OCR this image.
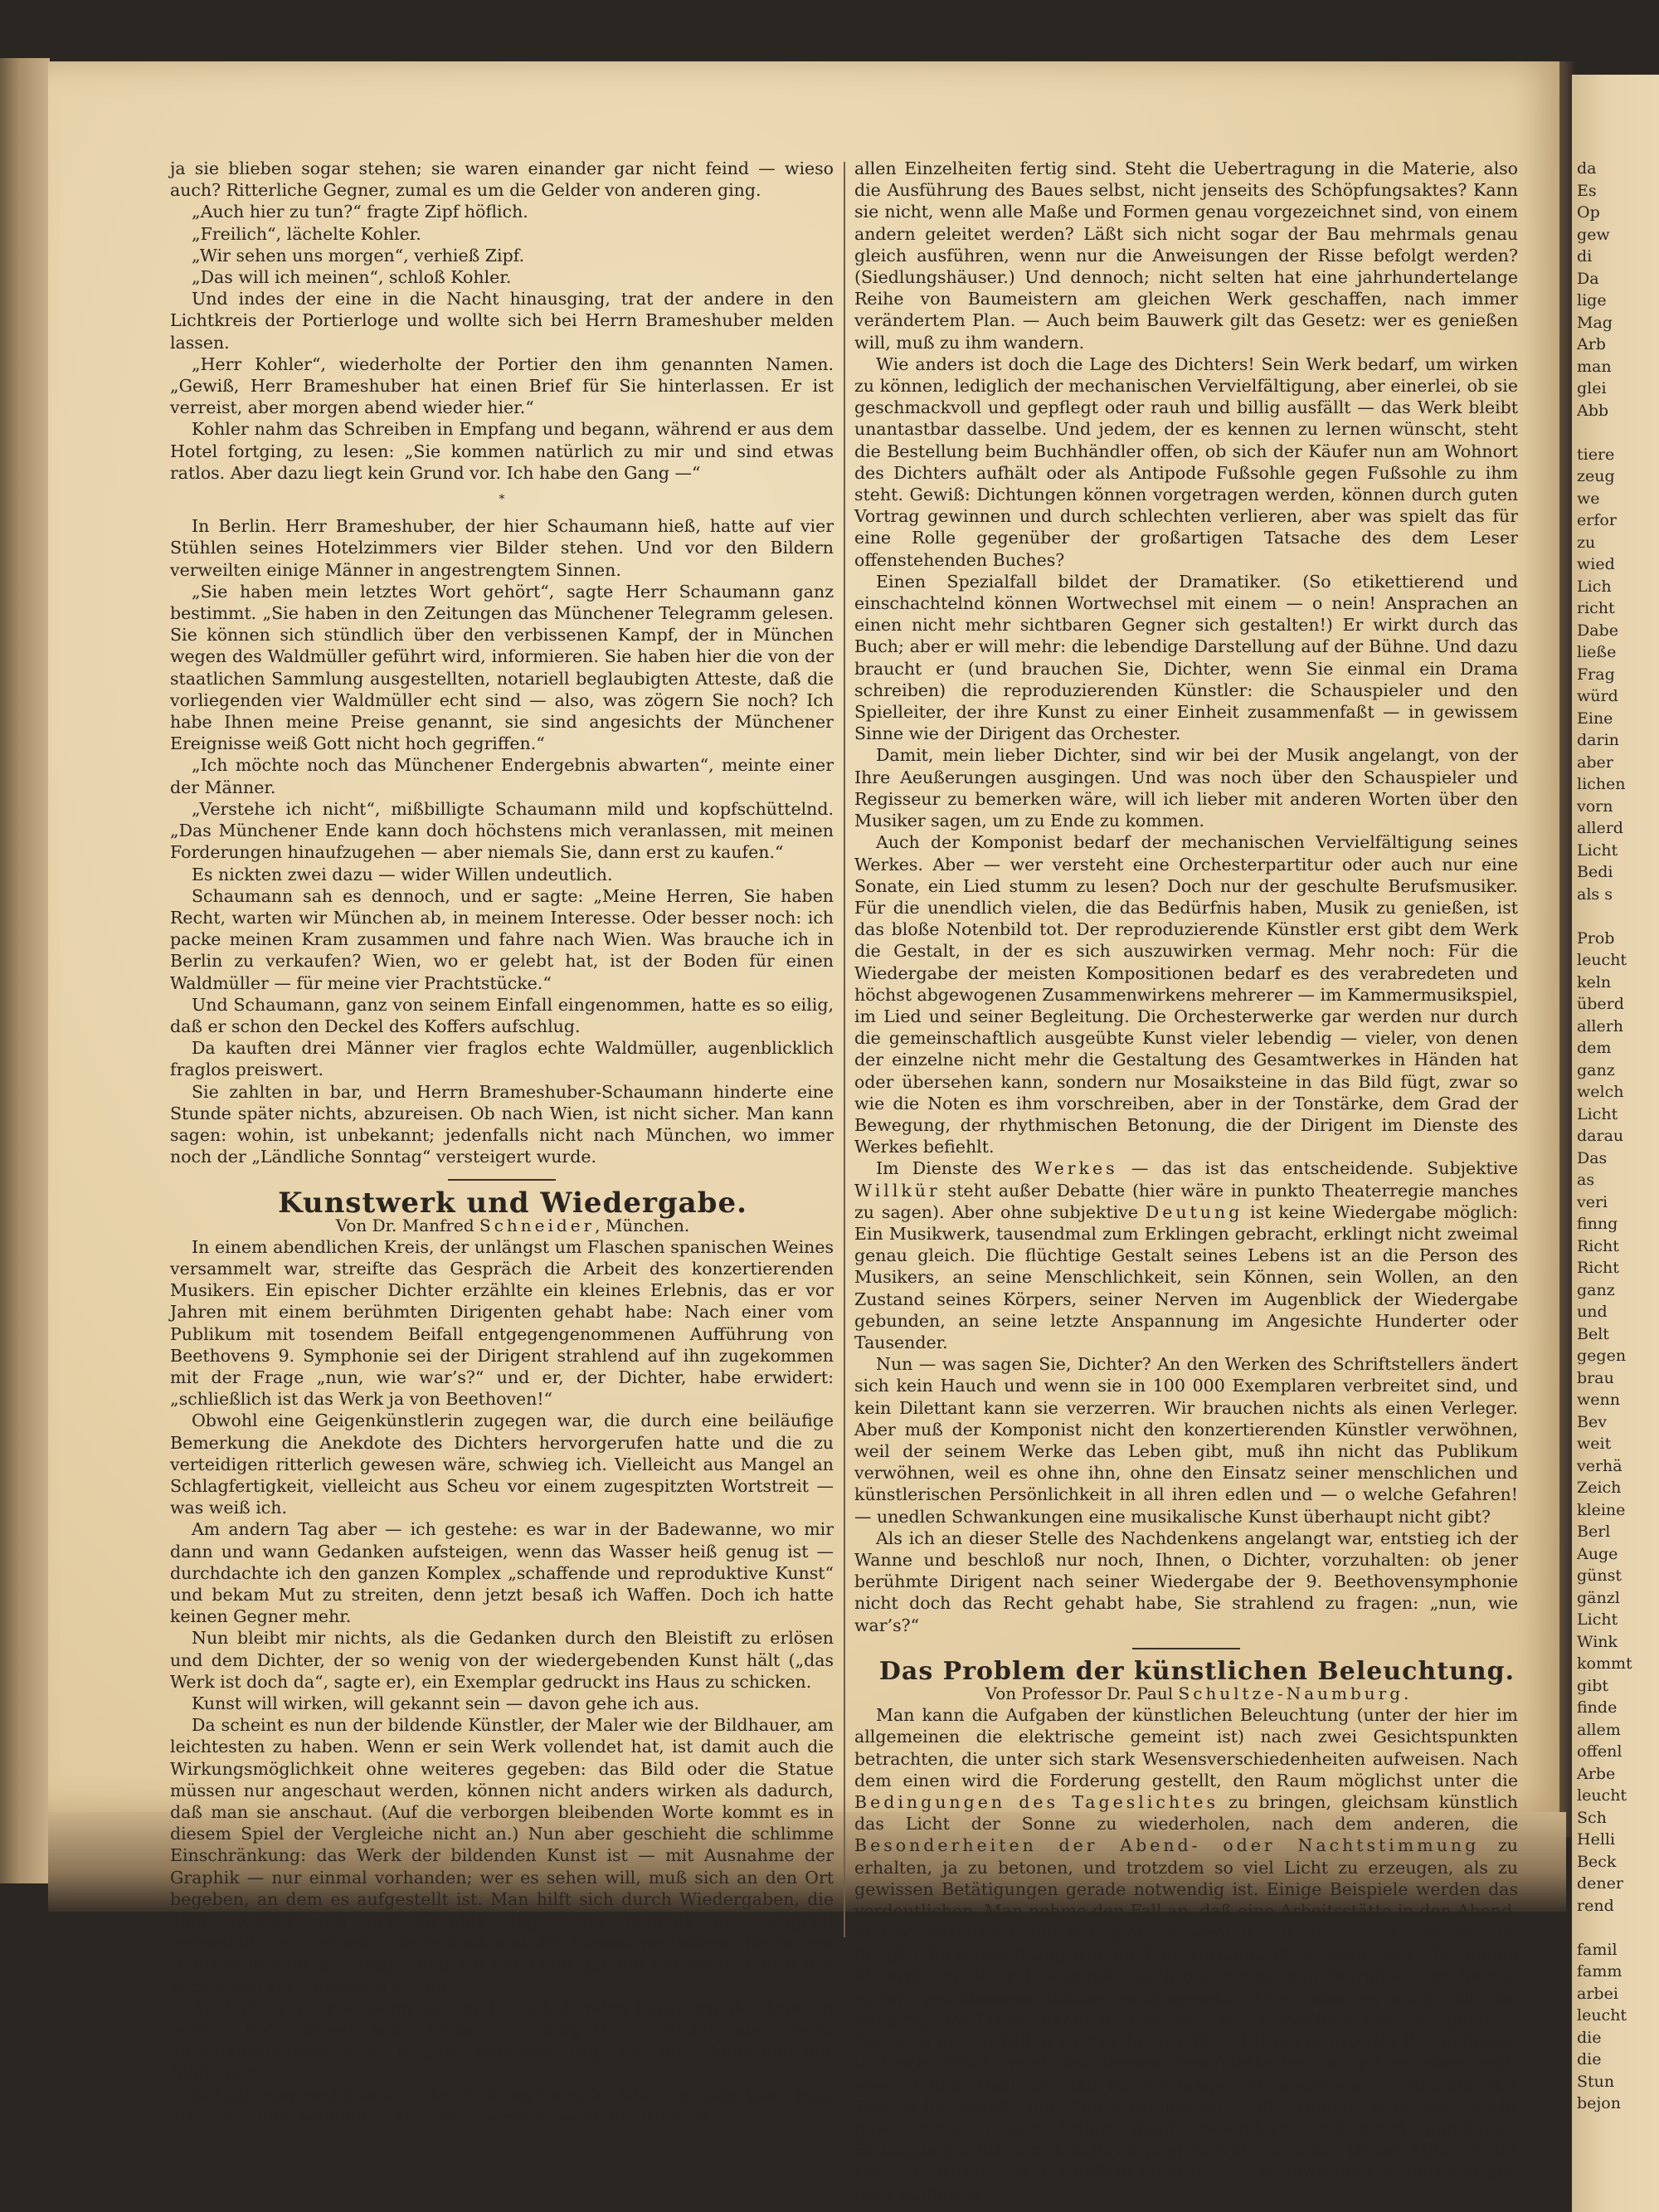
da
Es
Op
gew
di
Da
lige
Mag
Arb
man
glei
Abb
tiere
zeug
we
erfor
zu
wied
Lich
richt
Dabe
ließe
Frag
würd
Eine
darin
aber
lichen
vorn
allerd
Licht
Bedi
als s
Prob
leucht
keln
überd
allerh
dem
ganz
welch
Licht
darau
Das
as
veri
finng
Richt
Richt
ganz
und
Belt
gegen
brau
wenn
Bev
weit
verhä
Zeich
kleine
Berl
Auge
günst
gänzl
Licht
Wink
kommt
gibt
finde
allem
offenl
Arbe
leucht
Sch
Helli
Beck
dener
rend
famil
famm
arbei
leucht
die
die
Stun
bejon

ja sie blieben sogar stehen; sie waren einander gar nicht feind — wieso auch? Ritterliche Gegner, zumal es um die Gelder von anderen ging.

„Auch hier zu tun?“ fragte Zipf höflich.

„Freilich“, lächelte Kohler.

„Wir sehen uns morgen“, verhieß Zipf.

„Das will ich meinen“, schloß Kohler.

Und indes der eine in die Nacht hinausging, trat der andere in den Lichtkreis der Portierloge und wollte sich bei Herrn Brameshuber melden lassen.

„Herr Kohler“, wiederholte der Portier den ihm genannten Namen. „Gewiß, Herr Brameshuber hat einen Brief für Sie hinterlassen. Er ist verreist, aber morgen abend wieder hier.“

Kohler nahm das Schreiben in Empfang und begann, während er aus dem Hotel fortging, zu lesen: „Sie kommen natürlich zu mir und sind etwas ratlos. Aber dazu liegt kein Grund vor. Ich habe den Gang —“

*

In Berlin. Herr Brameshuber, der hier Schaumann hieß, hatte auf vier Stühlen seines Hotelzimmers vier Bilder stehen. Und vor den Bildern verweilten einige Männer in angestrengtem Sinnen.

„Sie haben mein letztes Wort gehört“, sagte Herr Schaumann ganz bestimmt. „Sie haben in den Zeitungen das Münchener Telegramm gelesen. Sie können sich stündlich über den verbissenen Kampf, der in München wegen des Waldmüller geführt wird, informieren. Sie haben hier die von der staatlichen Sammlung ausgestellten, notariell beglaubigten Atteste, daß die vorliegenden vier Waldmüller echt sind — also, was zögern Sie noch? Ich habe Ihnen meine Preise genannt, sie sind angesichts der Münchener Ereignisse weiß Gott nicht hoch gegriffen.“

„Ich möchte noch das Münchener Endergebnis abwarten“, meinte einer der Männer.

„Verstehe ich nicht“, mißbilligte Schaumann mild und kopfschüttelnd. „Das Münchener Ende kann doch höchstens mich veranlassen, mit meinen Forderungen hinaufzugehen — aber niemals Sie, dann erst zu kaufen.“

Es nickten zwei dazu — wider Willen undeutlich.

Schaumann sah es dennoch, und er sagte: „Meine Herren, Sie haben Recht, warten wir München ab, in meinem Interesse. Oder besser noch: ich packe meinen Kram zusammen und fahre nach Wien. Was brauche ich in Berlin zu verkaufen? Wien, wo er gelebt hat, ist der Boden für einen Waldmüller — für meine vier Prachtstücke.“

Und Schaumann, ganz von seinem Einfall eingenommen, hatte es so eilig, daß er schon den Deckel des Koffers aufschlug.

Da kauften drei Männer vier fraglos echte Waldmüller, augenblicklich fraglos preiswert.

Sie zahlten in bar, und Herrn Brameshuber-Schaumann hinderte eine Stunde später nichts, abzureisen. Ob nach Wien, ist nicht sicher. Man kann sagen: wohin, ist unbekannt; jedenfalls nicht nach München, wo immer noch der „Ländliche Sonntag“ versteigert wurde.

Kunstwerk und Wiedergabe.

Von Dr. Manfred Schneider, München.

In einem abendlichen Kreis, der unlängst um Flaschen spanischen Weines versammelt war, streifte das Gespräch die Arbeit des konzertierenden Musikers. Ein epischer Dichter erzählte ein kleines Erlebnis, das er vor Jahren mit einem berühmten Dirigenten gehabt habe: Nach einer vom Publikum mit tosendem Beifall entgegengenommenen Aufführung von Beethovens 9. Symphonie sei der Dirigent strahlend auf ihn zugekommen mit der Frage „nun, wie war’s?“ und er, der Dichter, habe erwidert: „schließlich ist das Werk ja von Beethoven!“

Obwohl eine Geigenkünstlerin zugegen war, die durch eine beiläufige Bemerkung die Anekdote des Dichters hervorgerufen hatte und die zu verteidigen ritterlich gewesen wäre, schwieg ich. Vielleicht aus Mangel an Schlagfertigkeit, vielleicht aus Scheu vor einem zugespitzten Wortstreit — was weiß ich.

Am andern Tag aber — ich gestehe: es war in der Badewanne, wo mir dann und wann Gedanken aufsteigen, wenn das Wasser heiß genug ist — durchdachte ich den ganzen Komplex „schaffende und reproduktive Kunst“ und bekam Mut zu streiten, denn jetzt besaß ich Waffen. Doch ich hatte keinen Gegner mehr.

Nun bleibt mir nichts, als die Gedanken durch den Bleistift zu erlösen und dem Dichter, der so wenig von der wiedergebenden Kunst hält („das Werk ist doch da“, sagte er), ein Exemplar gedruckt ins Haus zu schicken.

Kunst will wirken, will gekannt sein — davon gehe ich aus.

Da scheint es nun der bildende Künstler, der Maler wie der Bildhauer, am leichtesten zu haben. Wenn er sein Werk vollendet hat, ist damit auch die Wirkungsmöglichkeit ohne weiteres gegeben: das Bild oder die Statue müssen nur angeschaut werden, können nicht anders wirken als dadurch, daß man sie anschaut. (Auf die verborgen bleibenden Worte kommt es in diesem Spiel der Vergleiche nicht an.) Nun aber geschieht die schlimme Einschränkung: das Werk der bildenden Kunst ist — mit Ausnahme der Graphik — nur einmal vorhanden; wer es sehen will, muß sich an den Ort begeben, an dem es aufgestellt ist. Man hilft sich durch Wiedergaben, die aber (wieder von der Graphik abgesehen) niemals das Original vervielfältigen, vielmehr die Technik und das Format verändern, die Farben reduzieren oder beseitigen und bei Plastiken gar die entscheidende dritte Dimension verschwinden lassen.

Auch der Tänzer — wenn wir ihn den schaffenden Künstlern gleichstellen wollen (er vermag kein bleibendes, körperlich feststehendes Werk hervorzubringen!) — ist in ganz ähnlicher Lage wie der Maler und der Bildhauer.

Schwieriger gestaltet sich das Problem beim Architekten. Sein Werk muß als in der Idee vollendet angesehen werden, wenn die Risse in

allen Einzelheiten fertig sind. Steht die Uebertragung in die Materie, also die Ausführung des Baues selbst, nicht jenseits des Schöpfungsaktes? Kann sie nicht, wenn alle Maße und Formen genau vorgezeichnet sind, von einem andern geleitet werden? Läßt sich nicht sogar der Bau mehrmals genau gleich ausführen, wenn nur die Anweisungen der Risse befolgt werden? (Siedlungshäuser.) Und dennoch; nicht selten hat eine jahrhundertelange Reihe von Baumeistern am gleichen Werk geschaffen, nach immer verändertem Plan. — Auch beim Bauwerk gilt das Gesetz: wer es genießen will, muß zu ihm wandern.

Wie anders ist doch die Lage des Dichters! Sein Werk bedarf, um wirken zu können, lediglich der mechanischen Vervielfältigung, aber einerlei, ob sie geschmackvoll und gepflegt oder rauh und billig ausfällt — das Werk bleibt unantastbar dasselbe. Und jedem, der es kennen zu lernen wünscht, steht die Bestellung beim Buchhändler offen, ob sich der Käufer nun am Wohnort des Dichters aufhält oder als Antipode Fußsohle gegen Fußsohle zu ihm steht. Gewiß: Dichtungen können vorgetragen werden, können durch guten Vortrag gewinnen und durch schlechten verlieren, aber was spielt das für eine Rolle gegenüber der großartigen Tatsache des dem Leser offenstehenden Buches?

Einen Spezialfall bildet der Dramatiker. (So etikettierend und einschachtelnd können Wortwechsel mit einem — o nein! Ansprachen an einen nicht mehr sichtbaren Gegner sich gestalten!) Er wirkt durch das Buch; aber er will mehr: die lebendige Darstellung auf der Bühne. Und dazu braucht er (und brauchen Sie, Dichter, wenn Sie einmal ein Drama schreiben) die reproduzierenden Künstler: die Schauspieler und den Spielleiter, der ihre Kunst zu einer Einheit zusammenfaßt — in gewissem Sinne wie der Dirigent das Orchester.

Damit, mein lieber Dichter, sind wir bei der Musik angelangt, von der Ihre Aeußerungen ausgingen. Und was noch über den Schauspieler und Regisseur zu bemerken wäre, will ich lieber mit anderen Worten über den Musiker sagen, um zu Ende zu kommen.

Auch der Komponist bedarf der mechanischen Vervielfältigung seines Werkes. Aber — wer versteht eine Orchesterpartitur oder auch nur eine Sonate, ein Lied stumm zu lesen? Doch nur der geschulte Berufsmusiker. Für die unendlich vielen, die das Bedürfnis haben, Musik zu genießen, ist das bloße Notenbild tot. Der reproduzierende Künstler erst gibt dem Werk die Gestalt, in der es sich auszuwirken vermag. Mehr noch: Für die Wiedergabe der meisten Kompositionen bedarf es des verabredeten und höchst abgewogenen Zusammenwirkens mehrerer — im Kammermusikspiel, im Lied und seiner Begleitung. Die Orchesterwerke gar werden nur durch die gemeinschaftlich ausgeübte Kunst vieler lebendig — vieler, von denen der einzelne nicht mehr die Gestaltung des Gesamtwerkes in Händen hat oder übersehen kann, sondern nur Mosaiksteine in das Bild fügt, zwar so wie die Noten es ihm vorschreiben, aber in der Tonstärke, dem Grad der Bewegung, der rhythmischen Betonung, die der Dirigent im Dienste des Werkes befiehlt.

Im Dienste des Werkes — das ist das entscheidende. Subjektive Willkür steht außer Debatte (hier wäre in punkto Theaterregie manches zu sagen). Aber ohne subjektive Deutung ist keine Wiedergabe möglich: Ein Musikwerk, tausendmal zum Erklingen gebracht, erklingt nicht zweimal genau gleich. Die flüchtige Gestalt seines Lebens ist an die Person des Musikers, an seine Menschlichkeit, sein Können, sein Wollen, an den Zustand seines Körpers, seiner Nerven im Augenblick der Wiedergabe gebunden, an seine letzte Anspannung im Angesichte Hunderter oder Tausender.

Nun — was sagen Sie, Dichter? An den Werken des Schriftstellers ändert sich kein Hauch und wenn sie in 100 000 Exemplaren verbreitet sind, und kein Dilettant kann sie verzerren. Wir brauchen nichts als einen Verleger. Aber muß der Komponist nicht den konzertierenden Künstler verwöhnen, weil der seinem Werke das Leben gibt, muß ihn nicht das Publikum verwöhnen, weil es ohne ihn, ohne den Einsatz seiner menschlichen und künstlerischen Persönlichkeit in all ihren edlen und — o welche Gefahren! — unedlen Schwankungen eine musikalische Kunst überhaupt nicht gibt?

Als ich an dieser Stelle des Nachdenkens angelangt war, entstieg ich der Wanne und beschloß nur noch, Ihnen, o Dichter, vorzuhalten: ob jener berühmte Dirigent nach seiner Wiedergabe der 9. Beethovensymphonie nicht doch das Recht gehabt habe, Sie strahlend zu fragen: „nun, wie war’s?“

Das Problem der künstlichen Beleuchtung.

Von Professor Dr. Paul Schultze-Naumburg.

Man kann die Aufgaben der künstlichen Beleuchtung (unter der hier im allgemeinen die elektrische gemeint ist) nach zwei Gesichtspunkten betrachten, die unter sich stark Wesensverschiedenheiten aufweisen. Nach dem einen wird die Forderung gestellt, den Raum möglichst unter die Bedingungen des Tageslichtes zu bringen, gleichsam künstlich das Licht der Sonne zu wiederholen, nach dem anderen, die Besonderheiten der Abend- oder Nachtstimmung zu erhalten, ja zu betonen, und trotzdem so viel Licht zu erzeugen, als zu gewissen Betätigungen gerade notwendig ist. Einige Beispiele werden das verdeutlichen. Man nehme den Fall an, daß eine Arbeitsstätte in den Abend- und Nachtzeiten benutzbar gemacht werden soll, und der Arbeitsvorgang die gleiche Beleuchtung wie am Tage verlangt. Dies könnte etwa bei einem Maleratelier der Fall sein oder auch bei technischen Betrieben. Bei beiden wären geschlossene Räume vorausgesetzt. Oder aber es kann sich um Vorgänge im Freien handeln, also etwa das Beleuchten eines Bauplatzes. Bei allen diesen Fällen ist das Tageslicht selbst die günstigste Beleuchtung, und sein Ersatz wird also dessen Besonderheiten, so gut es eben geht, wiederholen. Dadurch, daß bei Vorgängen in geschlossenen Räumen das Tageslicht durch die Fensteröffnungen fällt, richtet man das Licht gewissermaßen und bringt damit besondere und meist günstigere Bedingungen für den Arbeitsvorgang hervor, als unter freiem Himmel der Fall sein würde, wo das diffuse Licht die Schattenwirkung beeinträchtigen oder aufheben,
